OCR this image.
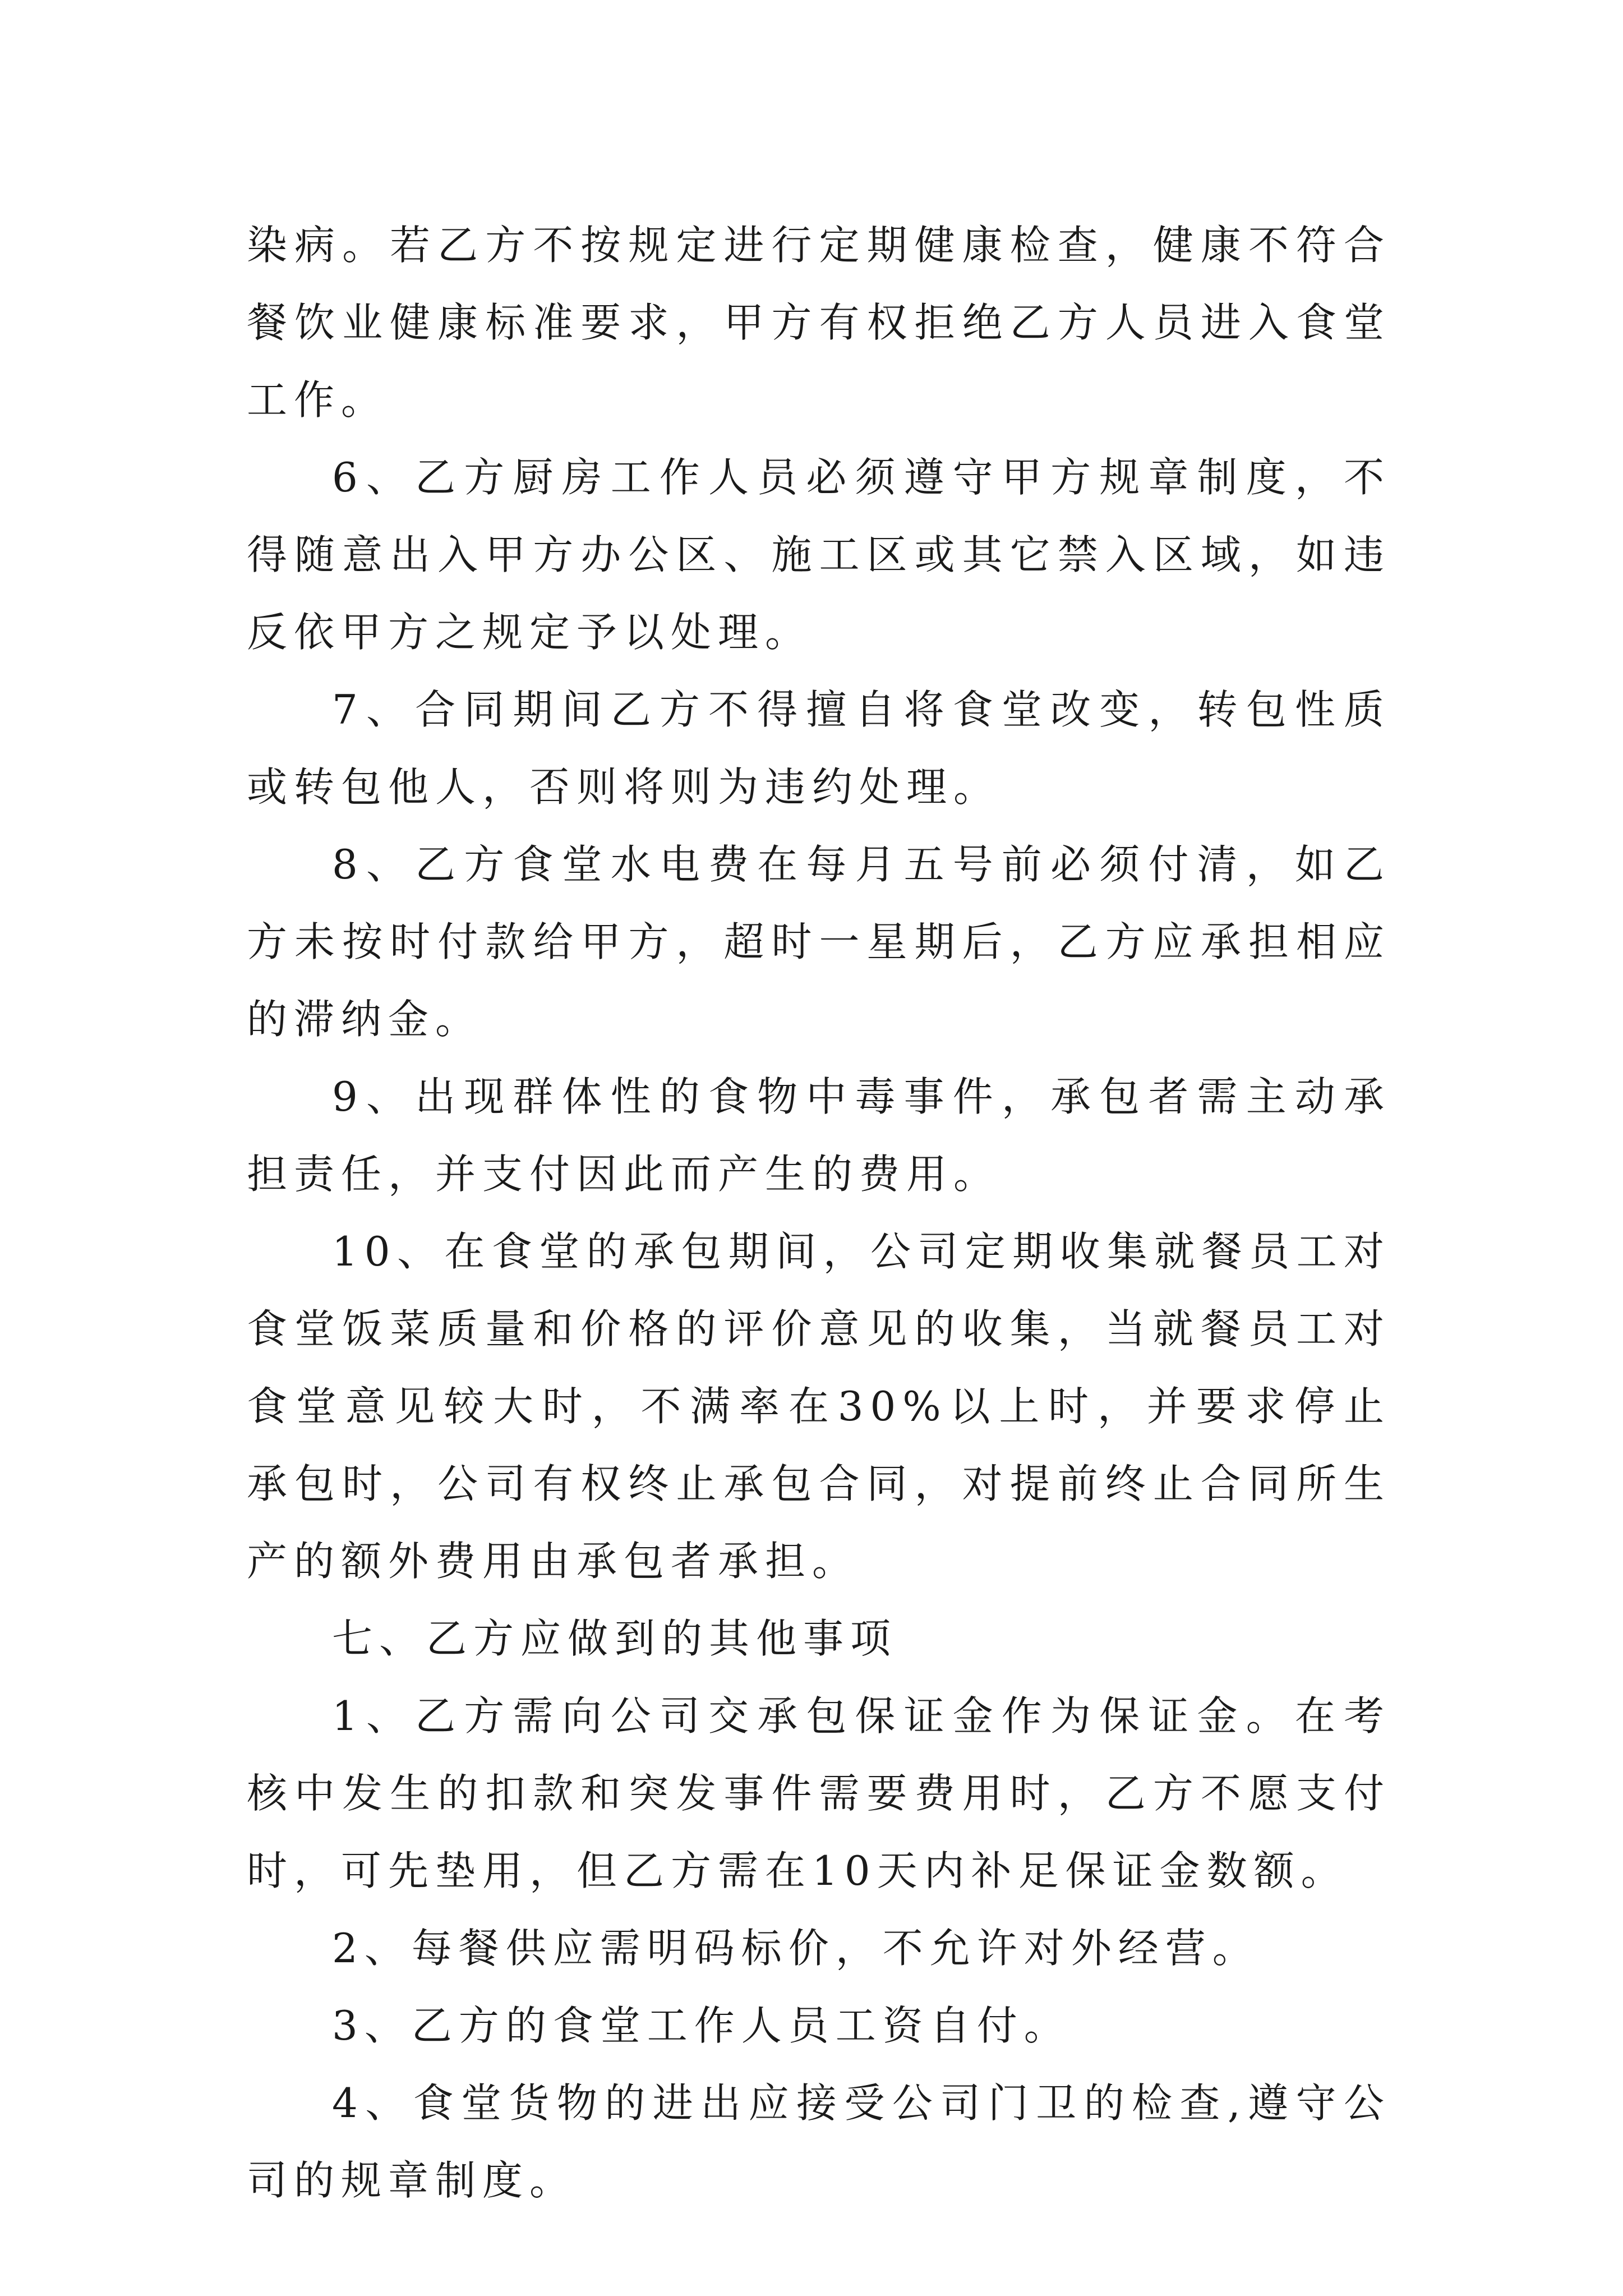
染病。若乙方不按规定进行定期健康检查，健康不符合餐饮业健康标准要求，甲方有权拒绝乙方人员进入食堂工作。

6、乙方厨房工作人员必须遵守甲方规章制度，不得随意出入甲方办公区、施工区或其它禁入区域，如违反依甲方之规定予以处理。

7、合同期间乙方不得擅自将食堂改变，转包性质或转包他人，否则将则为违约处理。

8、乙方食堂水电费在每月五号前必须付清，如乙方未按时付款给甲方，超时一星期后，乙方应承担相应的滞纳金。

9、出现群体性的食物中毒事件，承包者需主动承担责任，并支付因此而产生的费用。

10、在食堂的承包期间，公司定期收集就餐员工对食堂饭菜质量和价格的评价意见的收集，当就餐员工对食堂意见较大时，不满率在30%以上时，并要求停止承包时，公司有权终止承包合同，对提前终止合同所生产的额外费用由承包者承担。

七、乙方应做到的其他事项

1、乙方需向公司交承包保证金作为保证金。在考核中发生的扣款和突发事件需要费用时，乙方不愿支付时，可先垫用，但乙方需在10天内补足保证金数额。

2、每餐供应需明码标价，不允许对外经营。

3、乙方的食堂工作人员工资自付。

4、食堂货物的进出应接受公司门卫的检查,遵守公司的规章制度。
